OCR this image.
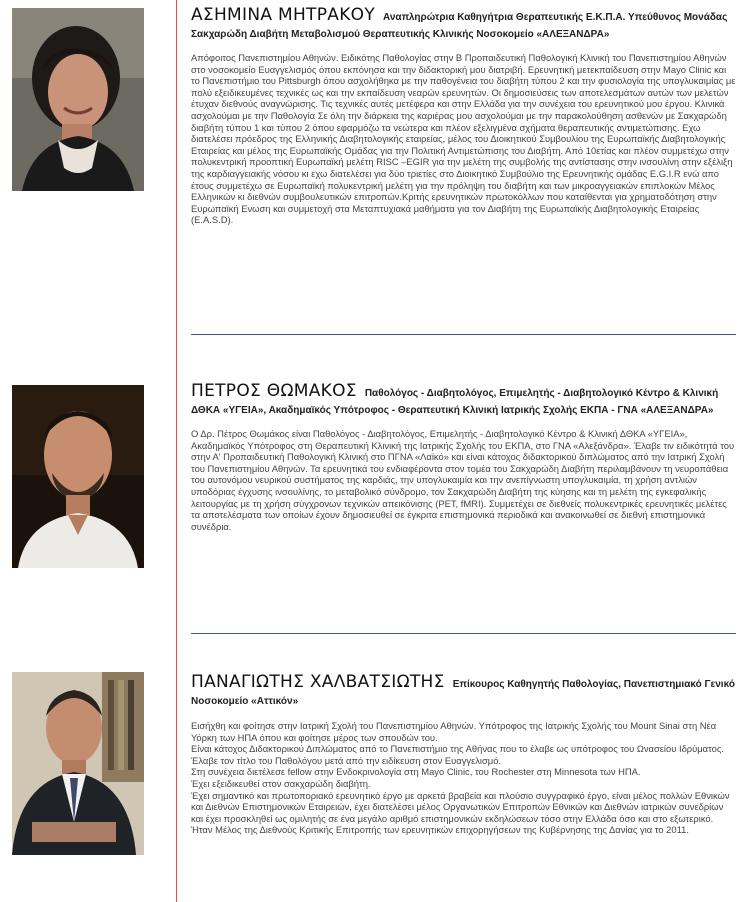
ΑΣΗΜΙΝΑ ΜΗΤΡΑΚΟΥ Αναπληρώτρια Καθηγήτρια Θεραπευτικής Ε.Κ.Π.Α. Υπεύθυνος Μονάδας Σακχαρώδη Διαβήτη Μεταβολισμού Θεραπευτικής Κλινικής Νοσοκομείο «ΑΛΕΞΑΝΔΡΑ»

Απόφοιτος Πανεπιστημίου Αθηνών. Ειδικότης Παθολογίας στην Β Προπαιδευτική Παθολογική Κλινική του Πανεπιστημίου Αθηνών στο νοσοκομείο Ευαγγελισμός όπου εκπόνησα και την διδακτορική μου διατριβή. Ερευνητική μετεκπαίδευση στην Mayo Clinic και το Πανεπιστήμιο του Pittsburgh όπου ασχολήθηκα με την παθογένεια του διαβήτη τύπου 2 και την φυσιολογία της υπογλυκαιμίας με πολύ εξειδικευμένες τεχνικές ως και την εκπαίδευση νεαρών ερευνητών. Οι δημοσιεύσεις των αποτελεσμάτων αυτών των μελετών έτυχαν διεθνούς αναγνώρισης. Τις τεχνικές αυτές μετέφερα και στην Ελλάδα για την συνέχεια του ερευνητικού μου έργου. Κλινικά ασχολούμαι με την Παθολογία Σε όλη την διάρκεια της καριέρας μου ασχολούμαι με την παρακολούθηση ασθενών με Σακχαρώδη διαβήτη τύπου 1 και τύπου 2 όπου εφαρμόζω τα νεώτερα και πλέον εξελιγμένα σχήματα θεραπευτικής αντιμετώπισης. Εχω διατελέσει πρόεδρος της Ελληνικής Διαβητολογικής εταιρείας, μέλος του Διοικητικού Συμβουλίου της Ευρωπαϊκής Διαβητολογικής Εταιρείας και μέλος της Ευρωπαϊκής Ομάδας για την Πολιτική Αντιμετώπισης του Διαβήτη. Από 10ετίας και πλέον συμμετέχω στην πολυκεντρική προοπτική Ευρωπαϊκή μελέτη RISC –EGIR για την μελέτη της συμβολής της αντίστασης στην ινσουλίνη στην εξέλιξη της καρδιαγγειακής νόσου κι εχω διατελέσει για δύο τριετίες στο Διοικητικό Συμβούλιο της Ερευνητικής ομάδας E.G.I.R ενώ απο έτους συμμετέχω σε Ευρωπαϊκή πολυκεντρική μελέτη για την πρόληψη του διαβήτη και των μικροαγγειακών επιπλοκών Μέλος Ελληνικών κι διεθνών συμβουλευτικών επιτροπών.Κριτής ερευνητικών πρωτοκόλλων που καταίθενται για χρηματοδότηση στην Ευρωπαϊκή Ενωση και συμμετοχή στα Μεταπτυχιακά μαθήματα για τον Διαβήτη της Ευρωπαϊκής Διαβητολογικής Εταιρείας (E.A.S.D).

ΠΕΤΡΟΣ ΘΩΜΑΚΟΣ Παθολόγος - Διαβητολόγος, Επιμελητής - Διαβητολογικό Κέντρο & Κλινική ΔΘΚΑ «ΥΓΕΙΑ», Ακαδημαϊκός Υπότροφος - Θεραπευτική Κλινική Ιατρικής Σχολής ΕΚΠΑ - ΓΝΑ «ΑΛΕΞΑΝΔΡΑ»

Ο Δρ. Πέτρος Θωμάκος είναι Παθολόγος - Διαβητολόγος, Επιμελητής - Διαβητολογικό Κέντρο & Κλινική ΔΘΚΑ «ΥΓΕΙΑ», Ακαδημαϊκός Υπότροφος στη Θεραπευτική Κλινική της Ιατρικής Σχολής του ΕΚΠΑ, στο ΓΝΑ «Αλεξάνδρα». Έλαβε τιν ειδικότητά του στην Α' Προπαιδευτική Παθολογική Κλινική στο ΠΓΝΑ «Λαϊκό» και είναι κάτοχος διδακτορικού διπλώματος από την Ιατρική Σχολή του Πανεπιστημίου Αθηνών. Τα ερευνητικά του ενδιαφέροντα στον τομέα του Σακχαρώδη Διαβήτη περιλαμβάνουν τη νευροπάθεια του αυτονόμου νευρικού συστήματος της καρδιάς, την υπογλυκαιμία και την ανεπίγνωστη υπογλυκαιμία, τη χρήση αντλιών υποδόριας έγχυσης ινσουλίνης, το μεταβολικό σύνδρομο, τον Σακχαρώδη Διαβήτη της κύησης και τη μελέτη της εγκεφαλικής λειτουργίας με τη χρήση σύγχρονων τεχνικών απεικόνισης (PET, fMRI). Συμμετέχει σε διεθνείς πολυκεντρικές ερευνητικές μελέτες τα αποτελέσματα των οποίων έχουν δημοσιευθεί σε έγκριτα επιστημονικά περιοδικά και ανακοινωθεί σε διεθνή επιστημονικά συνέδρια.

ΠΑΝΑΓΙΩΤΗΣ ΧΑΛΒΑΤΣΙΩΤΗΣ Επίκουρος Καθηγητής Παθολογίας, Πανεπιστημιακό Γενικό Νοσοκομείο «Αττικόν»

Εισήχθη και φοίτησε στην Ιατρική Σχολή του Πανεπιστημίου Αθηνών. Υπότροφος της Ιατρικής Σχολής του Mount Sinai στη Νέα Υόρκη των ΗΠΑ όπου και φοίτησε μέρος των σπουδών του.

Είναι κάτοχος Διδακτορικού Διπλώματος από το Πανεπιστήμιο της Αθήνας που το έλαβε ως υπότροφος του Ωνασείου Ιδρύματος.

Έλαβε τον τίτλο του Παθολόγου μετά από την ειδίκευση στον Ευαγγελισμό.

Στη συνέχεια διετέλεσε fellow στην Ενδοκρινολογία στη Mayo Clinic, του Rochester στη Minnesota των ΗΠΑ.

Έχει εξειδικευθεί στον σακχαρώδη διαβήτη.

Έχει σημαντικό και πρωτοποριακό ερευνητικό έργο με αρκετά βραβεία και πλούσιο συγγραφικό έργο, είναι μέλος πολλών Εθνικών και Διεθνών Επιστημονικών Εταιρειών, έχει διατελέσει μέλος Οργανωτικών Επιτροπών Εθνικών και Διεθνών ιατρικών συνεδρίων και έχει προσκληθεί ως ομιλητής σε ένα μεγάλο αριθμό επιστημονικών εκδηλώσεων τόσο στην Ελλάδα όσο και στο εξωτερικό. Ήταν Μέλος της Διεθνούς Κριτικής Επιτροπής των ερευνητικών επιχορηγήσεων της Κυβέρνησης της Δανίας για το 2011.
